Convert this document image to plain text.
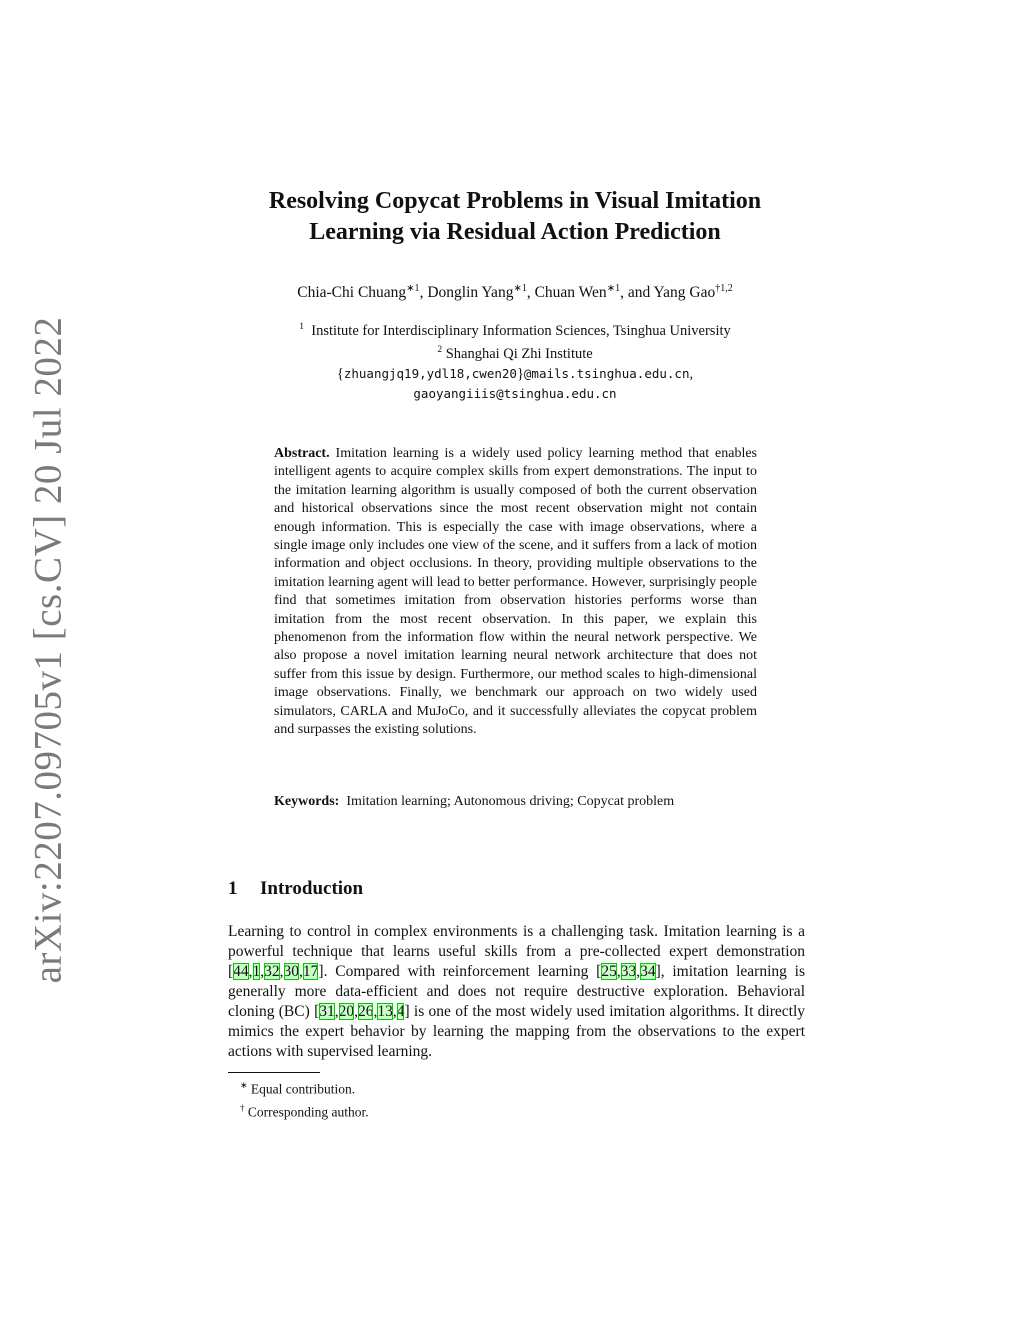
arXiv:2207.09705v1 [cs.CV] 20 Jul 2022
Resolving Copycat Problems in Visual Imitation
Learning via Residual Action Prediction
Chia-Chi Chuang$^{∗1}$, Donglin Yang$^{∗1}$, Chuan Wen$^{∗1}$, and Yang Gao$^{\dagger 1,2}$
$^1$ Institute for Interdisciplinary Information Sciences, Tsinghua University
$^2$ Shanghai Qi Zhi Institute
{zhuangjq19,ydl18,cwen20}@mails.tsinghua.edu.cn,
gaoyangiiis@tsinghua.edu.cn
Abstract. Imitation learning is a widely used policy learning method that enables intelligent agents to acquire complex skills from expert demonstrations. The input to the imitation learning algorithm is usually composed of both the current observation and historical observations since the most recent observation might not contain enough information. This is especially the case with image observations, where a single image only includes one view of the scene, and it suffers from a lack of motion information and object occlusions. In theory, providing multiple observations to the imitation learning agent will lead to better performance. However, surprisingly people find that sometimes imitation from observation histories performs worse than imitation from the most recent observation. In this paper, we explain this phenomenon from the information flow within the neural network perspective. We also propose a novel imitation learning neural network architecture that does not suffer from this issue by design. Furthermore, our method scales to high-dimensional image observations. Finally, we benchmark our approach on two widely used simulators, CARLA and MuJoCo, and it successfully alleviates the copycat problem and surpasses the existing solutions.
Keywords: Imitation learning; Autonomous driving; Copycat problem
1 Introduction
Learning to control in complex environments is a challenging task. Imitation learning is a powerful technique that learns useful skills from a pre-collected expert demonstration [44,1,32,30,17]. Compared with reinforcement learning [25,33,34], imitation learning is generally more data-efficient and does not require destructive exploration. Behavioral cloning (BC) [31,20,26,13,4] is one of the most widely used imitation algorithms. It directly mimics the expert behavior by learning the mapping from the observations to the expert actions with supervised learning.
∗ Equal contribution.
† Corresponding author.
